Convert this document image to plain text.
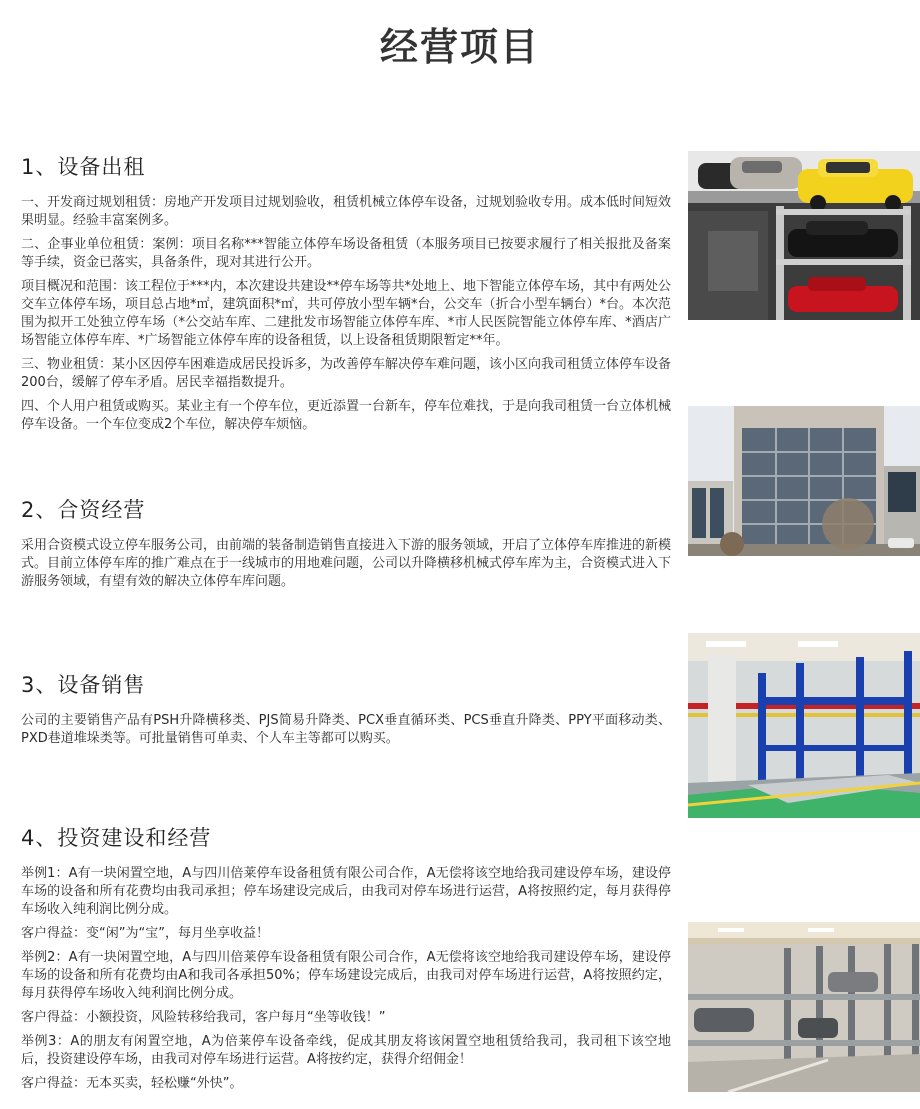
经营项目
1、设备出租

一、开发商过规划租赁：房地产开发项目过规划验收，租赁机械立体停车设备，过规划验收专用。成本低时间短效果明显。经验丰富案例多。

二、企事业单位租赁：案例：项目名称***智能立体停车场设备租赁（本服务项目已按要求履行了相关报批及备案等手续，资金已落实，具备条件，现对其进行公开。

项目概况和范围：该工程位于***内，本次建设共建设**停车场等共*处地上、地下智能立体停车场，其中有两处公交车立体停车场，项目总占地*㎡，建筑面积*㎡，共可停放小型车辆*台，公交车（折合小型车辆台）*台。本次范围为拟开工处独立停车场（*公交站车库、二建批发市场智能立体停车库、*市人民医院智能立体停车库、*酒店广场智能立体停车库、*广场智能立体停车库的设备租赁，以上设备租赁期限暂定**年。

三、物业租赁：某小区因停车困难造成居民投诉多，为改善停车解决停车难问题，该小区向我司租赁立体停车设备200台，缓解了停车矛盾。居民幸福指数提升。

四、个人用户租赁或购买。某业主有一个停车位，更近添置一台新车，停车位难找，于是向我司租赁一台立体机械停车设备。一个车位变成2个车位，解决停车烦恼。

2、合资经营

采用合资模式设立停车服务公司，由前端的装备制造销售直接进入下游的服务领域，开启了立体停车库推进的新模式。目前立体停车库的推广难点在于一线城市的用地难问题，公司以升降横移机械式停车库为主，合资模式进入下游服务领域，有望有效的解决立体停车库问题。

3、设备销售

公司的主要销售产品有PSH升降横移类、PJS简易升降类、PCX垂直循环类、PCS垂直升降类、PPY平面移动类、PXD巷道堆垛类等。可批量销售可单卖、个人车主等都可以购买。

4、投资建设和经营

举例1：A有一块闲置空地，A与四川倍莱停车设备租赁有限公司合作，A无偿将该空地给我司建设停车场，建设停车场的设备和所有花费均由我司承担；停车场建设完成后，由我司对停车场进行运营，A将按照约定，每月获得停车场收入纯利润比例分成。

客户得益：变“闲”为“宝”，每月坐享收益！

举例2：A有一块闲置空地，A与四川倍莱停车设备租赁有限公司合作，A无偿将该空地给我司建设停车场，建设停车场的设备和所有花费均由A和我司各承担50%；停车场建设完成后，由我司对停车场进行运营，A将按照约定，每月获得停车场收入纯利润比例分成。

客户得益：小额投资，风险转移给我司，客户每月“坐等收钱！”

举例3：A的朋友有闲置空地，A为倍莱停车设备牵线，促成其朋友将该闲置空地租赁给我司，我司租下该空地后，投资建设停车场，由我司对停车场进行运营。A将按约定，获得介绍佣金！

客户得益：无本买卖，轻松赚“外快”。
